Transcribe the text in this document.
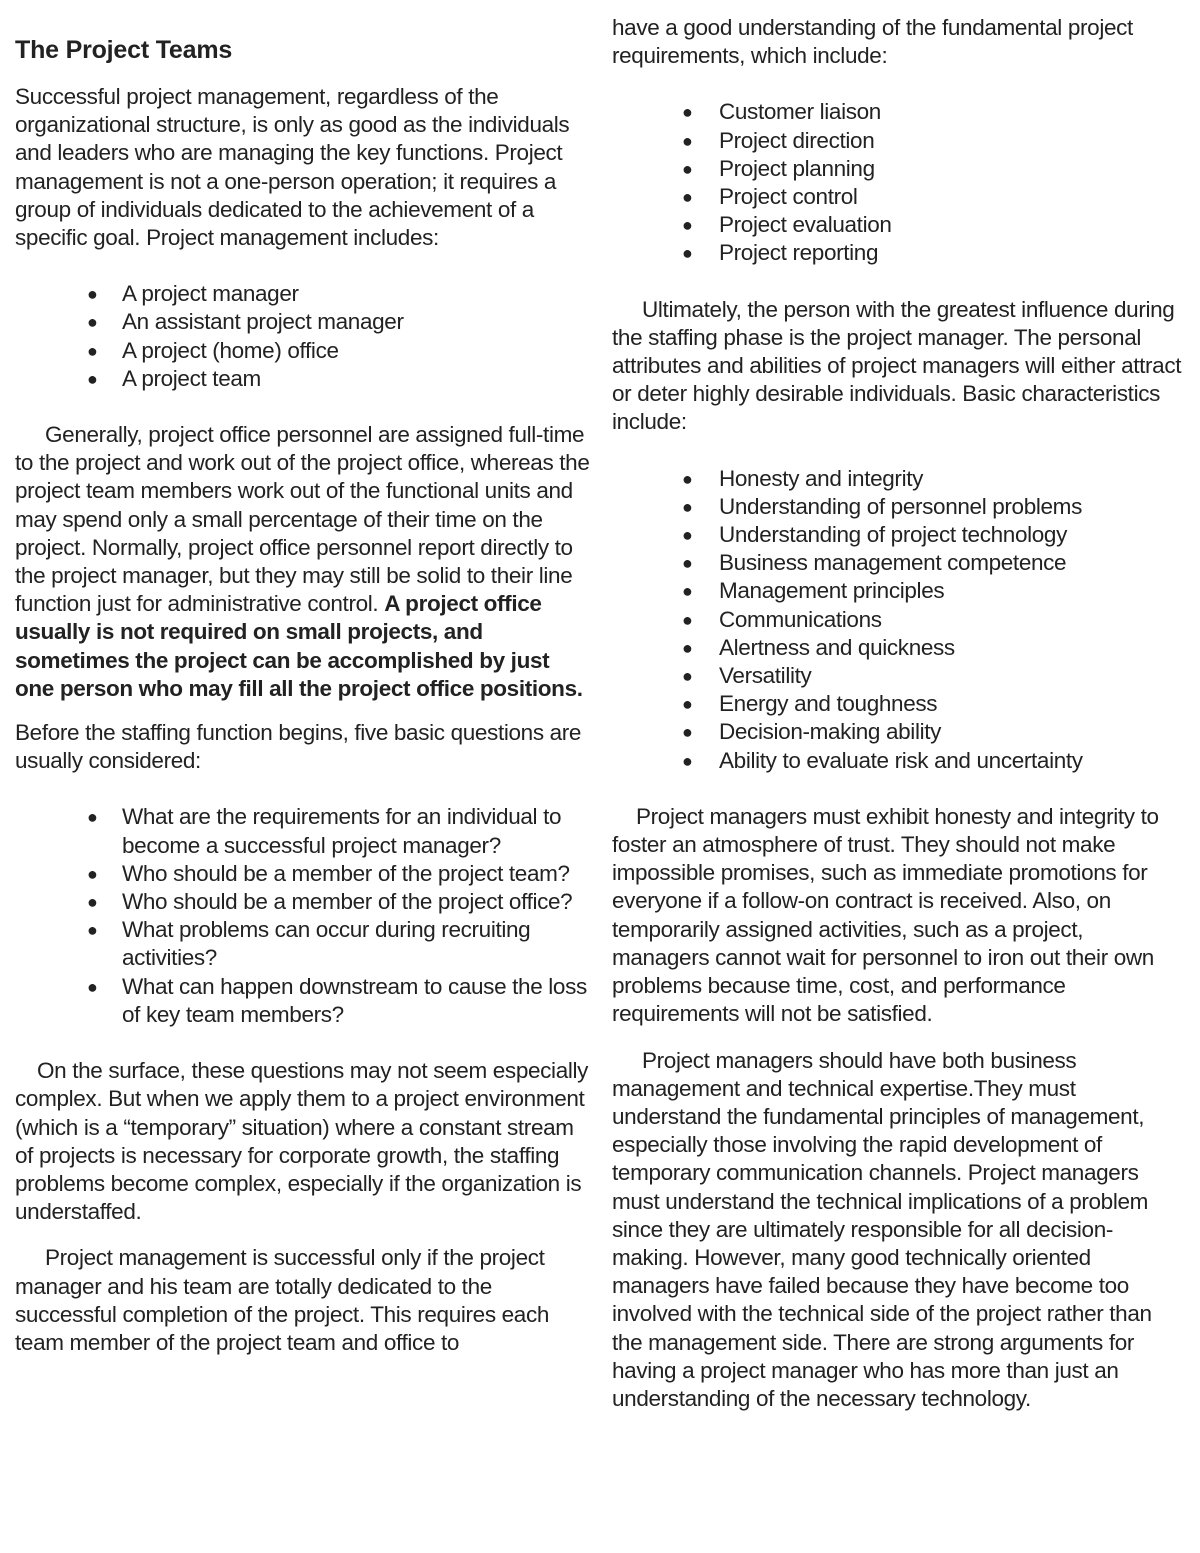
The Project Teams

Successful project management, regardless of the organizational structure, is only as good as the individuals and leaders who are managing the key functions. Project management is not a one-person operation; it requires a group of individuals dedicated to the achievement of a specific goal. Project management includes:

● A project manager
● An assistant project manager
● A project (home) office
● A project team

Generally, project office personnel are assigned full-time to the project and work out of the project office, whereas the project team members work out of the functional units and may spend only a small percentage of their time on the project. Normally, project office personnel report directly to the project manager, but they may still be solid to their line function just for administrative control. A project office usually is not required on small projects, and sometimes the project can be accomplished by just one person who may fill all the project office positions.

Before the staffing function begins, five basic questions are usually considered:

● What are the requirements for an individual to become a successful project manager?
● Who should be a member of the project team?
● Who should be a member of the project office?
● What problems can occur during recruiting activities?
● What can happen downstream to cause the loss of key team members?

On the surface, these questions may not seem especially complex. But when we apply them to a project environment (which is a “temporary” situation) where a constant stream of projects is necessary for corporate growth, the staffing problems become complex, especially if the organization is understaffed.

Project management is successful only if the project manager and his team are totally dedicated to the successful completion of the project. This requires each team member of the project team and office to

have a good understanding of the fundamental project requirements, which include:

● Customer liaison
● Project direction
● Project planning
● Project control
● Project evaluation
● Project reporting

Ultimately, the person with the greatest influence during the staffing phase is the project manager. The personal attributes and abilities of project managers will either attract or deter highly desirable individuals. Basic characteristics include:

● Honesty and integrity
● Understanding of personnel problems
● Understanding of project technology
● Business management competence
● Management principles
● Communications
● Alertness and quickness
● Versatility
● Energy and toughness
● Decision-making ability
● Ability to evaluate risk and uncertainty

Project managers must exhibit honesty and integrity to foster an atmosphere of trust. They should not make impossible promises, such as immediate promotions for everyone if a follow-on contract is received. Also, on temporarily assigned activities, such as a project, managers cannot wait for personnel to iron out their own problems because time, cost, and performance requirements will not be satisfied.

Project managers should have both business management and technical expertise.They must understand the fundamental principles of management, especially those involving the rapid development of temporary communication channels. Project managers must understand the technical implications of a problem since they are ultimately responsible for all decision-making. However, many good technically oriented managers have failed because they have become too involved with the technical side of the project rather than the management side. There are strong arguments for having a project manager who has more than just an understanding of the necessary technology.
